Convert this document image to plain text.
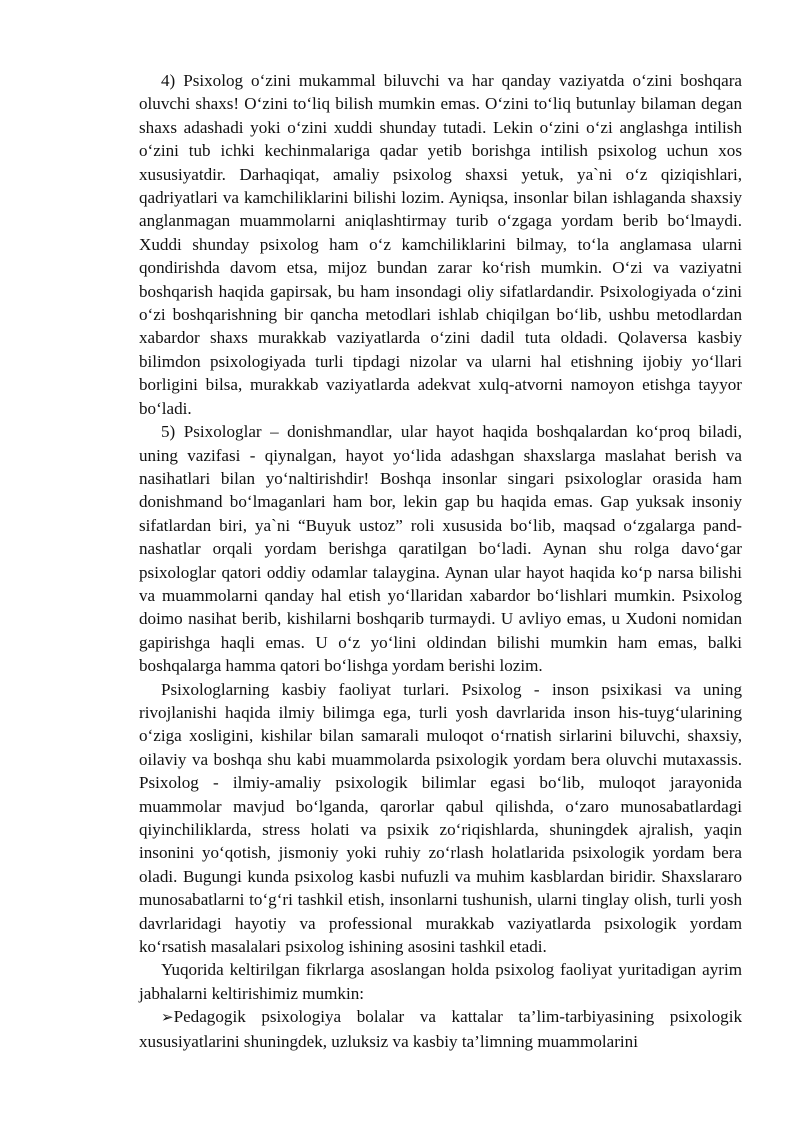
4) Psixolog o‘zini mukammal biluvchi va har qanday vaziyatda o‘zini boshqara oluvchi shaxs! O‘zini to‘liq bilish mumkin emas. O‘zini to‘liq butunlay bilaman degan shaxs adashadi yoki o‘zini xuddi shunday tutadi. Lekin o‘zini o‘zi anglashga intilish o‘zini tub ichki kechinmalariga qadar yetib borishga intilish psixolog uchun xos xususiyatdir. Darhaqiqat, amaliy psixolog shaxsi yetuk, ya`ni o‘z qiziqishlari, qadriyatlari va kamchiliklarini bilishi lozim. Ayniqsa, insonlar bilan ishlaganda shaxsiy anglanmagan muammolarni aniqlashtirmay turib o‘zgaga yordam berib bo‘lmaydi. Xuddi shunday psixolog ham o‘z kamchiliklarini bilmay, to‘la anglamasa ularni qondirishda davom etsa, mijoz bundan zarar ko‘rish mumkin. O‘zi va vaziyatni boshqarish haqida gapirsak, bu ham insondagi oliy sifatlardandir. Psixologiyada o‘zini o‘zi boshqarishning bir qancha metodlari ishlab chiqilgan bo‘lib, ushbu metodlardan xabardor shaxs murakkab vaziyatlarda o‘zini dadil tuta oldadi. Qolaversa kasbiy bilimdon psixologiyada turli tipdagi nizolar va ularni hal etishning ijobiy yo‘llari borligini bilsa, murakkab vaziyatlarda adekvat xulq-atvorni namoyon etishga tayyor bo‘ladi.

5) Psixologlar – donishmandlar, ular hayot haqida boshqalardan ko‘proq biladi, uning vazifasi - qiynalgan, hayot yo‘lida adashgan shaxslarga maslahat berish va nasihatlari bilan yo‘naltirishdir! Boshqa insonlar singari psixologlar orasida ham donishmand bo‘lmaganlari ham bor, lekin gap bu haqida emas. Gap yuksak insoniy sifatlardan biri, ya`ni “Buyuk ustoz” roli xususida bo‘lib, maqsad o‘zgalarga pand-nashatlar orqali yordam berishga qaratilgan bo‘ladi. Aynan shu rolga davo‘gar psixologlar qatori oddiy odamlar talaygina. Aynan ular hayot haqida ko‘p narsa bilishi va muammolarni qanday hal etish yo‘llaridan xabardor bo‘lishlari mumkin. Psixolog doimo nasihat berib, kishilarni boshqarib turmaydi. U avliyo emas, u Xudoni nomidan gapirishga haqli emas. U o‘z yo‘lini oldindan bilishi mumkin ham emas, balki boshqalarga hamma qatori bo‘lishga yordam berishi lozim.

Psixologlarning kasbiy faoliyat turlari. Psixolog - inson psixikasi va uning rivojlanishi haqida ilmiy bilimga ega, turli yosh davrlarida inson his-tuyg‘ularining o‘ziga xosligini, kishilar bilan samarali muloqot o‘rnatish sirlarini biluvchi, shaxsiy, oilaviy va boshqa shu kabi muammolarda psixologik yordam bera oluvchi mutaxassis. Psixolog - ilmiy-amaliy psixologik bilimlar egasi bo‘lib, muloqot jarayonida muammolar mavjud bo‘lganda, qarorlar qabul qilishda, o‘zaro munosabatlardagi qiyinchiliklarda, stress holati va psixik zo‘riqishlarda, shuningdek ajralish, yaqin insonini yo‘qotish, jismoniy yoki ruhiy zo‘rlash holatlarida psixologik yordam bera oladi. Bugungi kunda psixolog kasbi nufuzli va muhim kasblardan biridir. Shaxslararo munosabatlarni to‘g‘ri tashkil etish, insonlarni tushunish, ularni tinglay olish, turli yosh davrlaridagi hayotiy va professional murakkab vaziyatlarda psixologik yordam ko‘rsatish masalalari psixolog ishining asosini tashkil etadi.

Yuqorida keltirilgan fikrlarga asoslangan holda psixolog faoliyat yuritadigan ayrim jabhalarni keltirishimiz mumkin:

➢Pedagogik psixologiya bolalar va kattalar ta’lim-tarbiyasining psixologik xususiyatlarini shuningdek, uzluksiz va kasbiy ta’limning muammolarini
